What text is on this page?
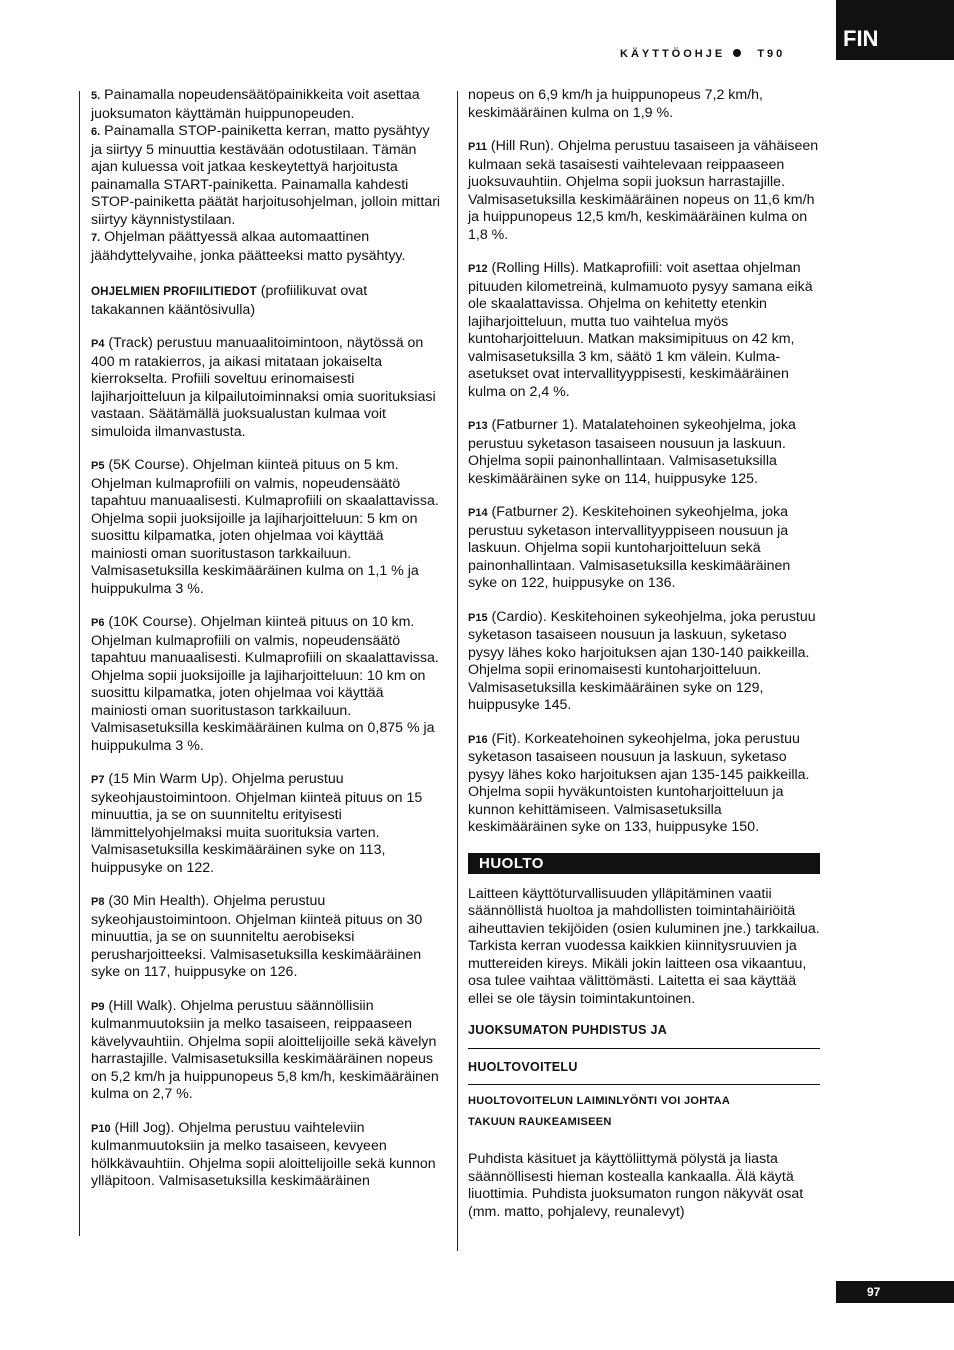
FIN
KÄYTTÖOHJE	T90

5. Painamalla nopeudensäätöpainikkeita voit asettaa juoksumaton käyttämän huippunopeuden.

6. Painamalla STOP-painiketta kerran, matto pysähtyy ja siirtyy 5 minuuttia kestävään odotustilaan. Tämän ajan kuluessa voit jatkaa keskeytettyä harjoitusta painamalla START-painiketta. Painamalla kahdesti STOP-painiketta päätät harjoitusohjelman, jolloin mittari siirtyy käynnistystilaan.

7. Ohjelman päättyessä alkaa automaattinen jäähdyttelyvaihe, jonka päätteeksi matto pysähtyy.

OHJELMIEN PROFIILITIEDOT (profiilikuvat ovat takakannen kääntösivulla)

P4 (Track) perustuu manuaalitoimintoon, näytössä on 400 m ratakierros, ja aikasi mitataan jokaiselta kierrokselta. Profiili soveltuu erinomaisesti lajiharjoitteluun ja kilpailutoiminnaksi omia suorituksiasi vastaan. Säätämällä juoksualustan kulmaa voit simuloida ilmanvastusta.

P5 (5K Course). Ohjelman kiinteä pituus on 5 km. Ohjelman kulmaprofiili on valmis, nopeudensäätö tapahtuu manuaalisesti. Kulmaprofiili on skaalattavissa. Ohjelma sopii juoksijoille ja lajiharjoitteluun: 5 km on suosittu kilpamatka, joten ohjelmaa voi käyttää mainiosti oman suoritustason tarkkailuun. Valmisasetuksilla keskimääräinen kulma on 1,1 % ja huippukulma 3 %.

P6 (10K Course). Ohjelman kiinteä pituus on 10 km. Ohjelman kulmaprofiili on valmis, nopeudensäätö tapahtuu manuaalisesti. Kulmaprofiili on skaalattavissa. Ohjelma sopii juoksijoille ja lajiharjoitteluun: 10 km on suosittu kilpamatka, joten ohjelmaa voi käyttää mainiosti oman suoritustason tarkkailuun. Valmisasetuksilla keskimääräinen kulma on 0,875 % ja huippukulma 3 %.

P7 (15 Min Warm Up). Ohjelma perustuu sykeohjaustoimintoon. Ohjelman kiinteä pituus on 15 minuuttia, ja se on suunniteltu erityisesti lämmittelyohjelmaksi muita suorituksia varten. Valmisasetuksilla keskimääräinen syke on 113, huippusyke on 122.

P8 (30 Min Health). Ohjelma perustuu sykeohjaustoimintoon. Ohjelman kiinteä pituus on 30 minuuttia, ja se on suunniteltu aerobiseksi perusharjoitteeksi. Valmisasetuksilla keskimääräinen syke on 117, huippusyke on 126.

P9 (Hill Walk). Ohjelma perustuu säännöllisiin kulmanmuutoksiin ja melko tasaiseen, reippaaseen kävelyvauhtiin. Ohjelma sopii aloittelijoille sekä kävelyn harrastajille. Valmisasetuksilla keskimääräinen nopeus on 5,2 km/h ja huippunopeus 5,8 km/h, keskimääräinen kulma on 2,7 %.

P10 (Hill Jog). Ohjelma perustuu vaihteleviin kulmanmuutoksiin ja melko tasaiseen, kevyeen hölkkävauhtiin. Ohjelma sopii aloittelijoille sekä kunnon ylläpitoon. Valmisasetuksilla keskimääräinen

nopeus on 6,9 km/h ja huippunopeus 7,2 km/h, keskimääräinen kulma on 1,9 %.

P11 (Hill Run). Ohjelma perustuu tasaiseen ja vähäiseen kulmaan sekä tasaisesti vaihtelevaan reippaaseen juoksuvauhtiin. Ohjelma sopii juoksun harrastajille. Valmisasetuksilla keskimääräinen nopeus on 11,6 km/h ja huippunopeus 12,5 km/h, keskimääräinen kulma on 1,8 %.

P12 (Rolling Hills). Matkaprofiili: voit asettaa ohjelman pituuden kilometreinä, kulmamuoto pysyy samana eikä ole skaalattavissa. Ohjelma on kehitetty etenkin lajiharjoitteluun, mutta tuo vaihtelua myös kuntoharjoitteluun. Matkan maksimipituus on 42 km, valmisasetuksilla 3 km, säätö 1 km välein. Kulma-asetukset ovat intervallityyppisesti, keskimääräinen kulma on 2,4 %.

P13 (Fatburner 1). Matalatehoinen sykeohjelma, joka perustuu syketason tasaiseen nousuun ja laskuun. Ohjelma sopii painonhallintaan. Valmisasetuksilla keskimääräinen syke on 114, huippusyke 125.

P14 (Fatburner 2). Keskitehoinen sykeohjelma, joka perustuu syketason intervallityyppiseen nousuun ja laskuun. Ohjelma sopii kuntoharjoitteluun sekä painonhallintaan. Valmisasetuksilla keskimääräinen syke on 122, huippusyke on 136.

P15 (Cardio). Keskitehoinen sykeohjelma, joka perustuu syketason tasaiseen nousuun ja laskuun, syketaso pysyy lähes koko harjoituksen ajan 130-140 paikkeilla. Ohjelma sopii erinomaisesti kuntoharjoitteluun. Valmisasetuksilla keskimääräinen syke on 129, huippusyke 145.

P16 (Fit). Korkeatehoinen sykeohjelma, joka perustuu syketason tasaiseen nousuun ja laskuun, syketaso pysyy lähes koko harjoituksen ajan 135-145 paikkeilla. Ohjelma sopii hyväkuntoisten kuntoharjoitteluun ja kunnon kehittämiseen. Valmisasetuksilla keskimääräinen syke on 133, huippusyke 150.

HUOLTO

Laitteen käyttöturvallisuuden ylläpitäminen vaatii säännöllistä huoltoa ja mahdollisten toimintahäiriöitä aiheuttavien tekijöiden (osien kuluminen jne.) tarkkailua. Tarkista kerran vuodessa kaikkien kiinnitysruuvien ja muttereiden kireys. Mikäli jokin laitteen osa vikaantuu, osa tulee vaihtaa välittömästi. Laitetta ei saa käyttää ellei se ole täysin toimintakuntoinen.

JUOKSUMATON PUHDISTUS JA
HUOLTOVOITELU
HUOLTOVOITELUN LAIMINLYÖNTI VOI JOHTAA
TAKUUN RAUKEAMISEEN

Puhdista käsituet ja käyttöliittymä pölystä ja liasta säännöllisesti hieman kostealla kankaalla. Älä käytä liuottimia. Puhdista juoksumaton rungon näkyvät osat (mm. matto, pohjalevy, reunalevyt)

97
